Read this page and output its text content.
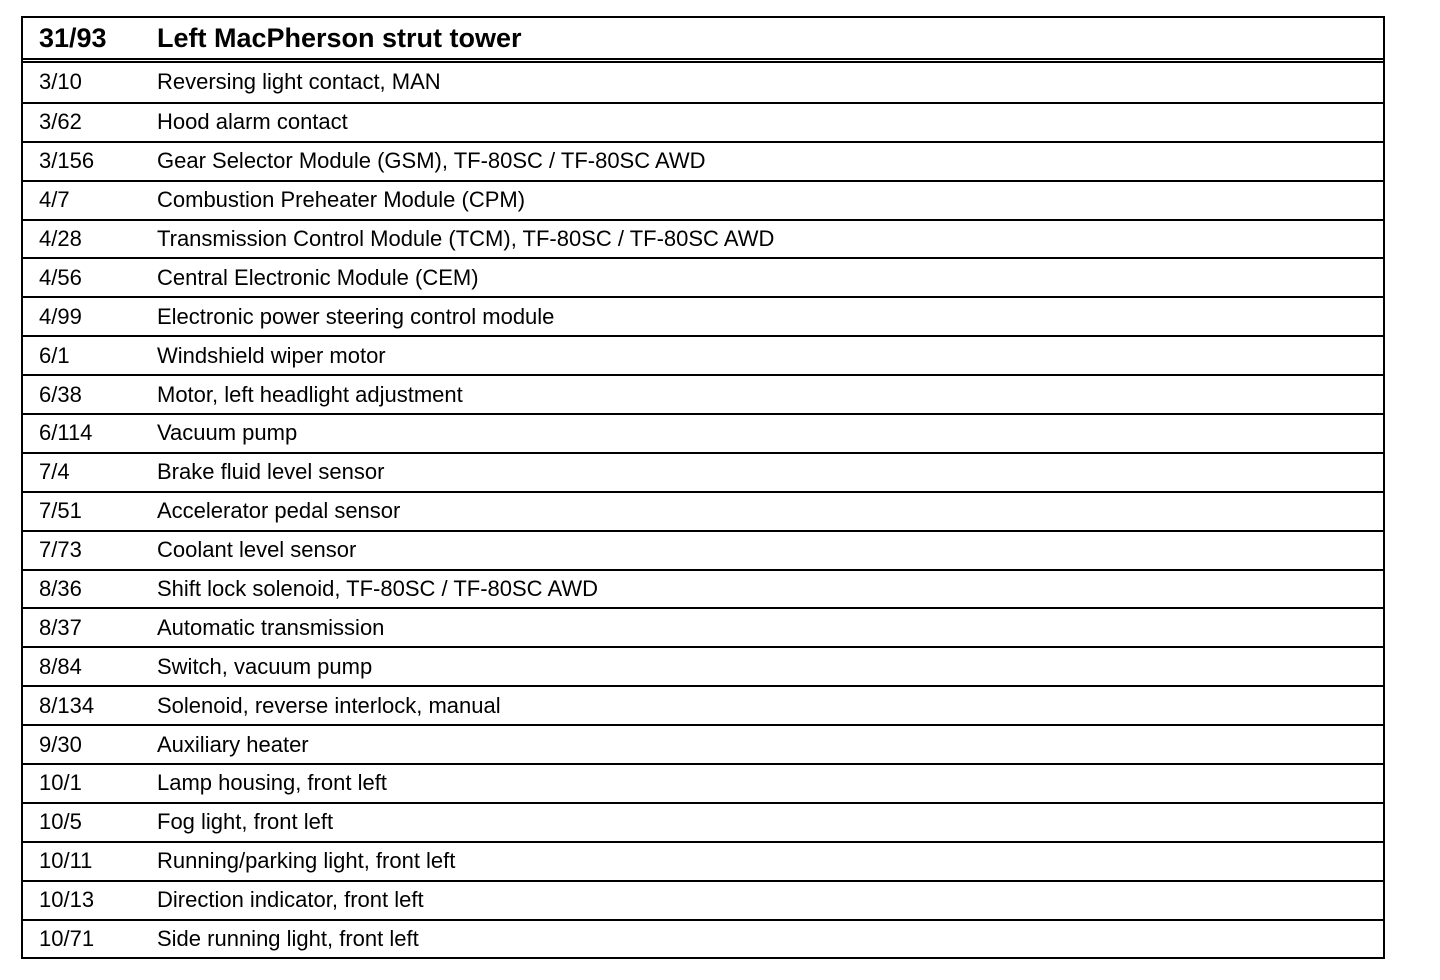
31/93	Left MacPherson strut tower
3/10	Reversing light contact, MAN
3/62	Hood alarm contact
3/156	Gear Selector Module (GSM), TF-80SC / TF-80SC AWD
4/7	Combustion Preheater Module (CPM)
4/28	Transmission Control Module (TCM), TF-80SC / TF-80SC AWD
4/56	Central Electronic Module (CEM)
4/99	Electronic power steering control module
6/1	Windshield wiper motor
6/38	Motor, left headlight adjustment
6/114	Vacuum pump
7/4	Brake fluid level sensor
7/51	Accelerator pedal sensor
7/73	Coolant level sensor
8/36	Shift lock solenoid, TF-80SC / TF-80SC AWD
8/37	Automatic transmission
8/84	Switch, vacuum pump
8/134	Solenoid, reverse interlock, manual
9/30	Auxiliary heater
10/1	Lamp housing, front left
10/5	Fog light, front left
10/11	Running/parking light, front left
10/13	Direction indicator, front left
10/71	Side running light, front left
